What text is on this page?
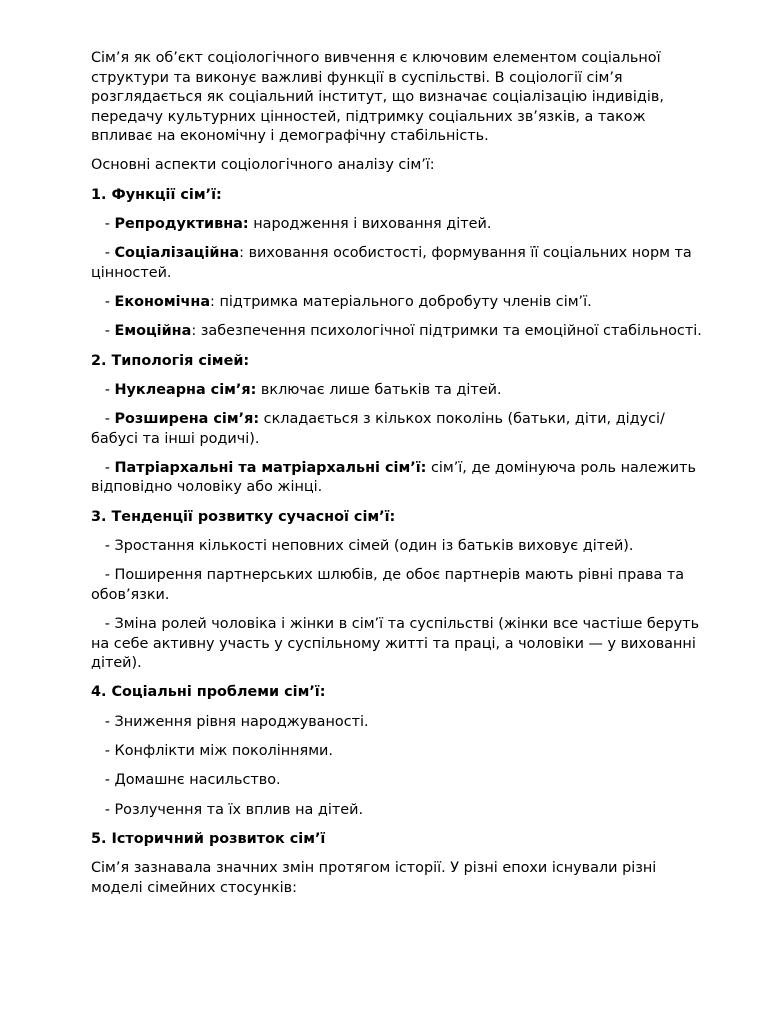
Сім’я як об’єкт соціологічного вивчення є ключовим елементом соціальної структури та виконує важливі функції в суспільстві. В соціології сім’я розглядається як соціальний інститут, що визначає соціалізацію індивідів, передачу культурних цінностей, підтримку соціальних зв’язків, а також впливає на економічну і демографічну стабільність.

Основні аспекти соціологічного аналізу сім’ї:

1. Функції сім’ї:

- Репродуктивна: народження і виховання дітей.

- Соціалізаційна: виховання особистості, формування її соціальних норм та цінностей.

- Економічна: підтримка матеріального добробуту членів сім’ї.

- Емоційна: забезпечення психологічної підтримки та емоційної стабільності.

2. Типологія сімей:

- Нуклеарна сім’я: включає лише батьків та дітей.

- Розширена сім’я: складається з кількох поколінь (батьки, діти, дідусі/бабусі та інші родичі).

- Патріархальні та матріархальні сім’ї: сім’ї, де домінуюча роль належить відповідно чоловіку або жінці.

3. Тенденції розвитку сучасної сім’ї:

- Зростання кількості неповних сімей (один із батьків виховує дітей).

- Поширення партнерських шлюбів, де обоє партнерів мають рівні права та обов’язки.

- Зміна ролей чоловіка і жінки в сім’ї та суспільстві (жінки все частіше беруть на себе активну участь у суспільному житті та праці, а чоловіки — у вихованні дітей).

4. Соціальні проблеми сім’ї:

- Зниження рівня народжуваності.

- Конфлікти між поколіннями.

- Домашнє насильство.

- Розлучення та їх вплив на дітей.

5. Історичний розвиток сім’ї

Сім’я зазнавала значних змін протягом історії. У різні епохи існували різні моделі сімейних стосунків:
